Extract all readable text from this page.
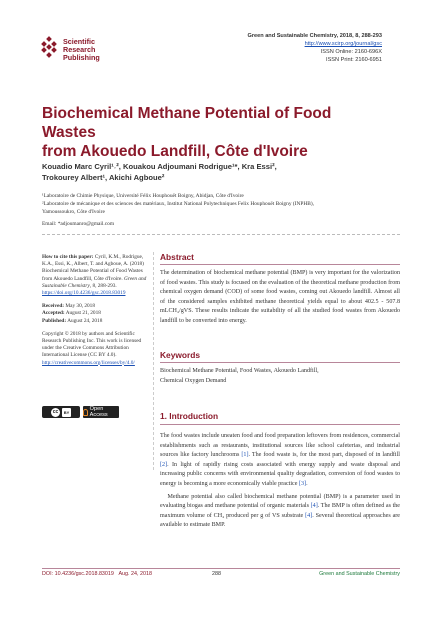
Scientific
Research
Publishing
Green and Sustainable Chemistry, 2018, 8, 288-293
http://www.scirp.org/journal/gsc
ISSN Online: 2160-696X
ISSN Print: 2160-6951
Biochemical Methane Potential of Food Wastes
from Akouedo Landfill, Côte d'Ivoire
Kouadio Marc Cyril¹˒², Kouakou Adjoumani Rodrigue¹*, Kra Essi²,
Trokourey Albert¹, Akichi Agboue²
¹Laboratoire de Chimie Physique, Université Félix Houphouët Boigny, Abidjan, Côte d'Ivoire
²Laboratoire de mécanique et des sciences des matériaux, Institut National Polytechniques Felix Houphouët Boigny (INPHB),
Yamoussoukro, Côte d'Ivoire
Email: *adjoumanro@gmail.com

How to cite this paper: Cyril, K.M., Rodrigue, K.A., Essi, K., Albert, T. and Agboue, A. (2018) Biochemical Methane Potential of Food Wastes from Akouedo Landfill, Côte d'Ivoire. Green and Sustainable Chemistry, 8, 288-293.
https://doi.org/10.4236/gsc.2018.83019

Received: May 30, 2018
Accepted: August 21, 2018
Published: August 24, 2018

Copyright © 2018 by authors and Scientific Research Publishing Inc. This work is licensed under the Creative Commons Attribution International License (CC BY 4.0).
http://creativecommons.org/licenses/by/4.0/

cc	BY	Open Access
Abstract
The determination of biochemical methane potential (BMP) is very important for the valorization of food wastes. This study is focused on the evaluation of the theoretical methane production from chemical oxygen demand (COD) of some food wastes, coming out Akouedo landfill. Almost all of the considered samples exhibited methane theoretical yields equal to about 402.5 - 507.8 mLCH₄/gVS. These results indicate the suitability of all the studied food wastes from Akouedo landfill to be converted into energy.
Keywords
Biochemical Methane Potential, Food Wastes, Akouedo Landfill,
Chemical Oxygen Demand
1. Introduction

The food wastes include uneaten food and food preparation leftovers from residences, commercial establishments such as restaurants, institutional sources like school cafeterias, and industrial sources like factory lunchrooms [1]. The food waste is, for the most part, disposed of in landfill [2]. In light of rapidly rising costs associated with energy supply and waste disposal and increasing public concerns with environmental quality degradation, conversion of food wastes to energy is becoming a more economically viable practice [3].

Methane potential also called biochemical methane potential (BMP) is a parameter used in evaluating biogas and methane potential of organic materials [4]. The BMP is often defined as the maximum volume of CH₄ produced per g of VS substrate [4]. Several theoretical approaches are available to estimate BMP.

DOI: 10.4236/gsc.2018.83019 Aug. 24, 2018	288	Green and Sustainable Chemistry
